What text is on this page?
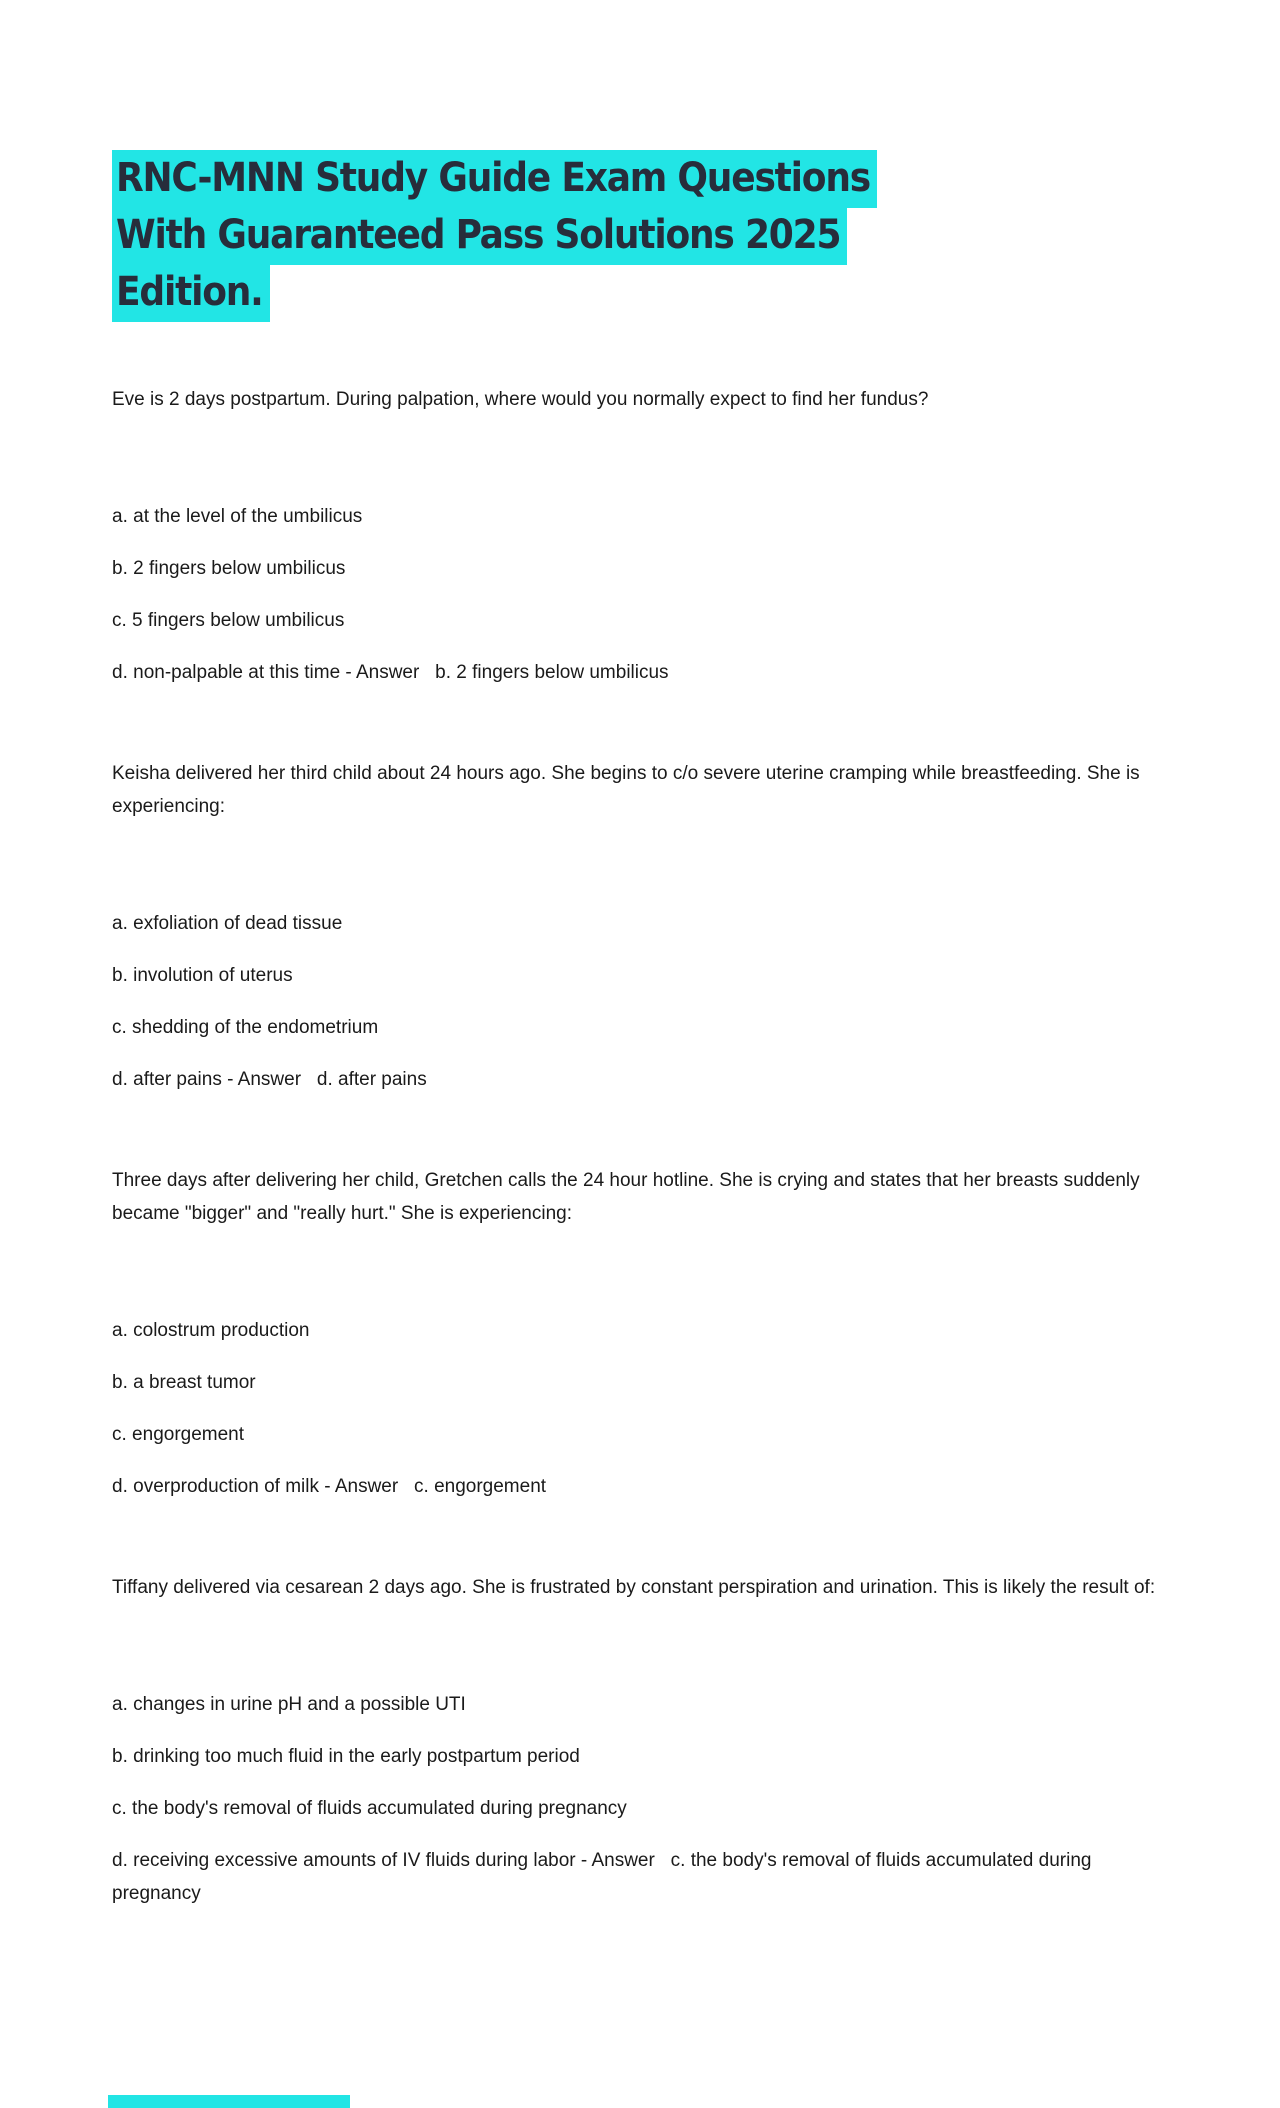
RNC-MNN Study Guide Exam Questions
With Guaranteed Pass Solutions 2025
Edition.

Eve is 2 days postpartum. During palpation, where would you normally expect to find her fundus?

a. at the level of the umbilicus

b. 2 fingers below umbilicus

c. 5 fingers below umbilicus

d. non-palpable at this time - Answer   b. 2 fingers below umbilicus

Keisha delivered her third child about 24 hours ago. She begins to c/o severe uterine cramping while breastfeeding. She is experiencing:

a. exfoliation of dead tissue

b. involution of uterus

c. shedding of the endometrium

d. after pains - Answer   d. after pains

Three days after delivering her child, Gretchen calls the 24 hour hotline. She is crying and states that her breasts suddenly became "bigger" and "really hurt." She is experiencing:

a. colostrum production

b. a breast tumor

c. engorgement

d. overproduction of milk - Answer   c. engorgement

Tiffany delivered via cesarean 2 days ago. She is frustrated by constant perspiration and urination. This is likely the result of:

a. changes in urine pH and a possible UTI

b. drinking too much fluid in the early postpartum period

c. the body's removal of fluids accumulated during pregnancy

d. receiving excessive amounts of IV fluids during labor - Answer   c. the body's removal of fluids accumulated during pregnancy
